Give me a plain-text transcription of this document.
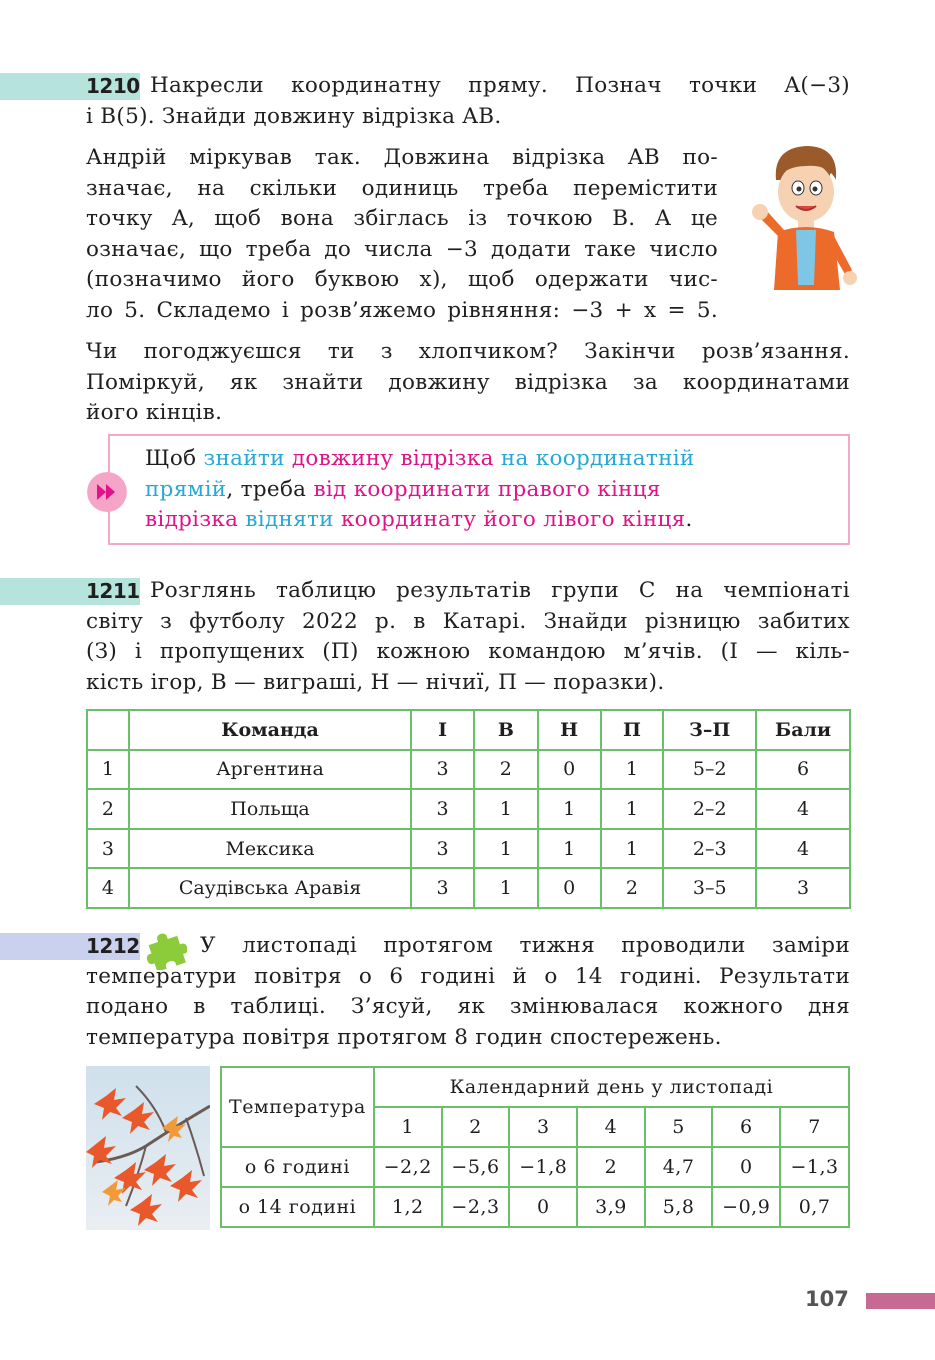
1210 Накресли координатну пряму. Познач точки A(−3)
і B(5). Знайди довжину відрізка AB.
Андрій міркував так. Довжина відрізка AB по-
значає, на скільки одиниць треба перемістити
точку A, щоб вона збіглась із точкою B. А це
означає, що треба до числа −3 додати таке число
(позначимо його буквою x), щоб одержати чис-
ло 5. Складемо і розв’яжемо рівняння: −3 + x = 5.
Чи погоджуєшся ти з хлопчиком? Закінчи розв’язання.
Поміркуй, як знайти довжину відрізка за координатами
його кінців.
Щоб знайти довжину відрізка на координатній
прямій, треба від координати правого кінця
відрізка відняти координату його лівого кінця.
1211 Розглянь таблицю результатів групи С на чемпіонаті
світу з футболу 2022 р. в Катарі. Знайди різницю забитих
(З) і пропущених (П) кожною командою м’ячів. (І — кіль-
кість ігор, В — виграші, Н — нічиї, П — поразки).
	Команда	І	В	Н	П	З–П	Бали
1	Аргентина	3	2	0	1	5–2	6
2	Польща	3	1	1	1	2–2	4
3	Мексика	3	1	1	1	2–3	4
4	Саудівська Аравія	3	1	0	2	3–5	3
1212	У листопаді протягом тижня проводили заміри
температури повітря о 6 годині й о 14 годині. Результати
подано в таблиці. З’ясуй, як змінювалася кожного дня
температура повітря протягом 8 годин спостережень.
Температура	Календарний день у листопаді						
	1	2	3	4	5	6	7
о 6 годині	−2,2	−5,6	−1,8	2	4,7	0	−1,3
о 14 годині	1,2	−2,3	0	3,9	5,8	−0,9	0,7
107
